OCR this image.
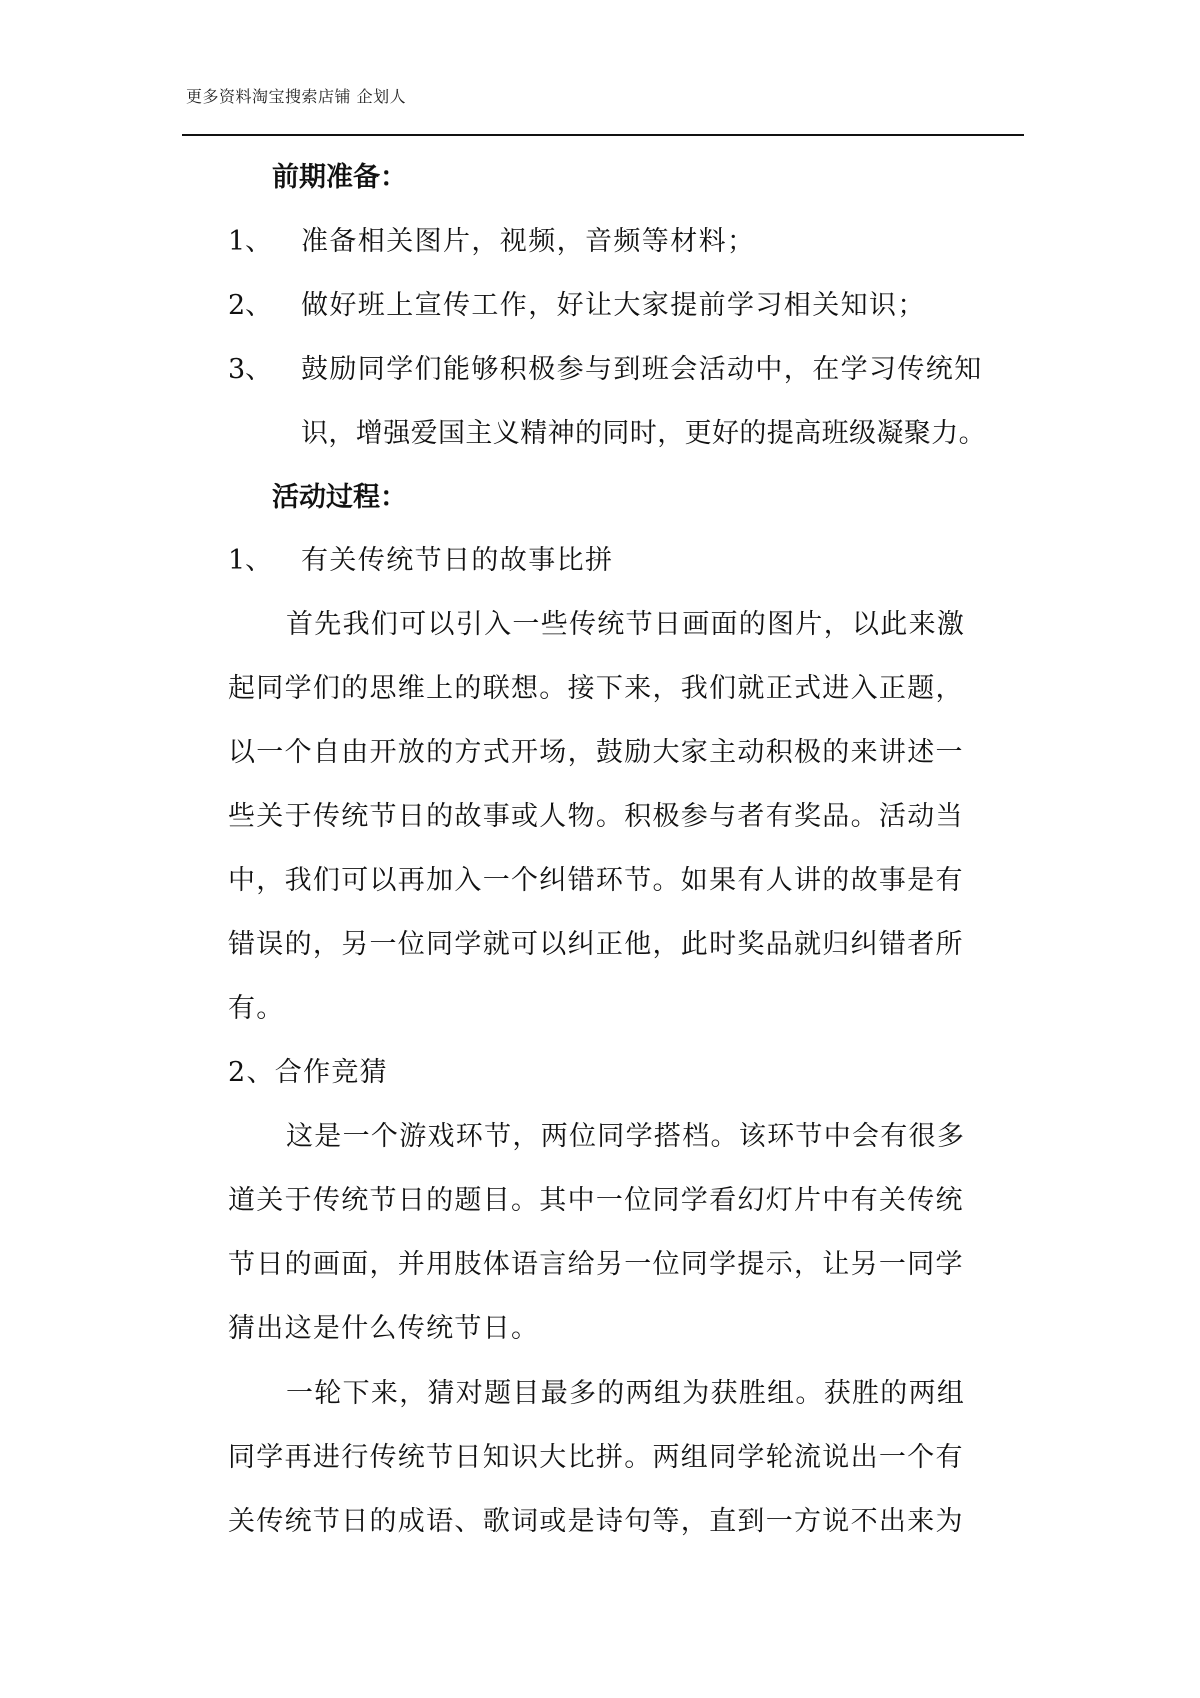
更多资料淘宝搜索店铺 企划人
前期准备：
1、 准备相关图片，视频，音频等材料；
2、 做好班上宣传工作，好让大家提前学习相关知识；
3、 鼓励同学们能够积极参与到班会活动中，在学习传统知
识，增强爱国主义精神的同时，更好的提高班级凝聚力。
活动过程：
1、 有关传统节日的故事比拼
首先我们可以引入一些传统节日画面的图片，以此来激
起同学们的思维上的联想。接下来，我们就正式进入正题，
以一个自由开放的方式开场，鼓励大家主动积极的来讲述一
些关于传统节日的故事或人物。积极参与者有奖品。活动当
中，我们可以再加入一个纠错环节。如果有人讲的故事是有
错误的，另一位同学就可以纠正他，此时奖品就归纠错者所
有。
2、合作竞猜
这是一个游戏环节，两位同学搭档。该环节中会有很多
道关于传统节日的题目。其中一位同学看幻灯片中有关传统
节日的画面，并用肢体语言给另一位同学提示，让另一同学
猜出这是什么传统节日。
一轮下来，猜对题目最多的两组为获胜组。获胜的两组
同学再进行传统节日知识大比拼。两组同学轮流说出一个有
关传统节日的成语、歌词或是诗句等，直到一方说不出来为
